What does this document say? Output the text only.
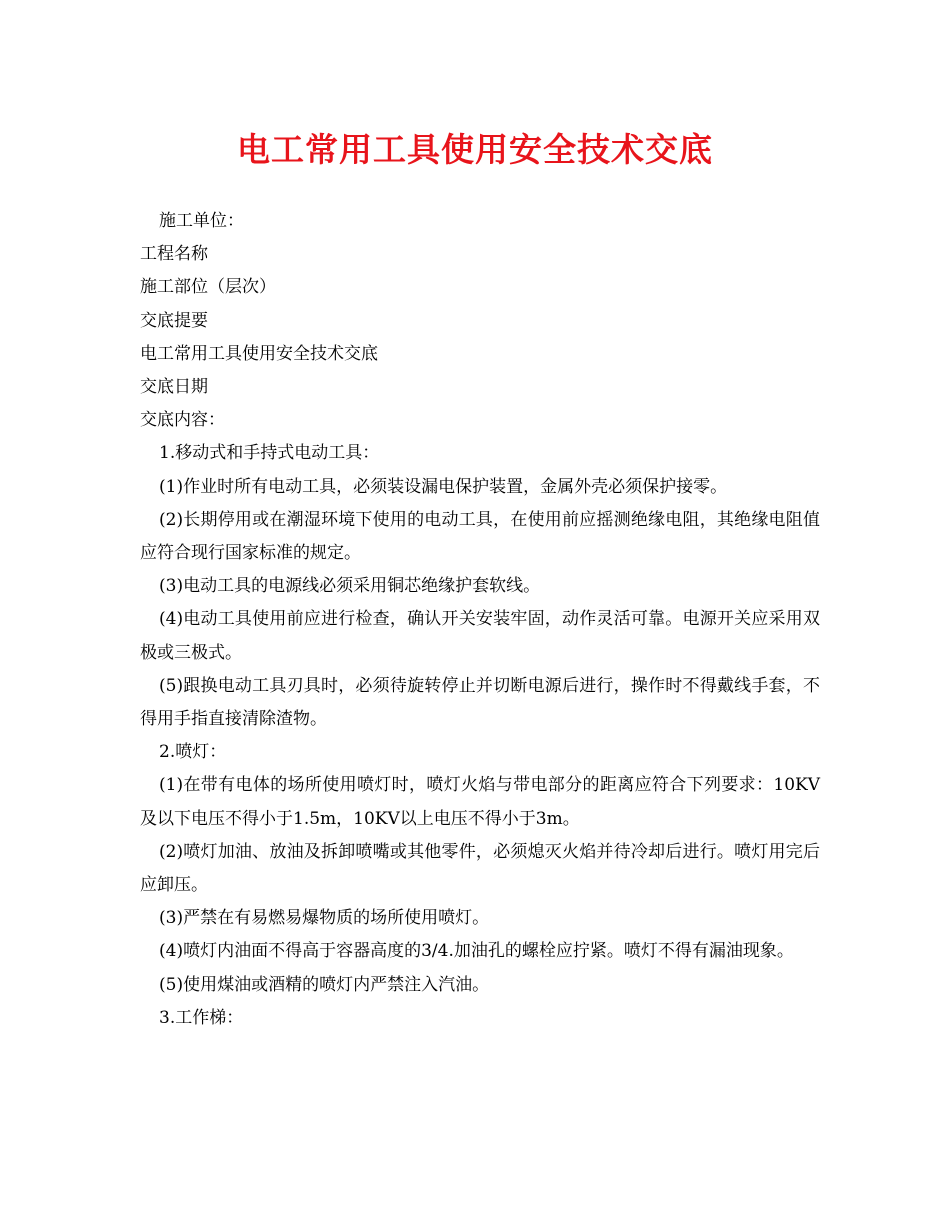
电工常用工具使用安全技术交底

施工单位：

工程名称

施工部位（层次）

交底提要

电工常用工具使用安全技术交底

交底日期

交底内容：

1.移动式和手持式电动工具：

(1)作业时所有电动工具，必须装设漏电保护装置，金属外壳必须保护接零。

(2)长期停用或在潮湿环境下使用的电动工具，在使用前应摇测绝缘电阻，其绝缘电阻值应符合现行国家标准的规定。

(3)电动工具的电源线必须采用铜芯绝缘护套软线。

(4)电动工具使用前应进行检查，确认开关安装牢固，动作灵活可靠。电源开关应采用双极或三极式。

(5)跟换电动工具刃具时，必须待旋转停止并切断电源后进行，操作时不得戴线手套，不得用手指直接清除渣物。

2.喷灯：

(1)在带有电体的场所使用喷灯时，喷灯火焰与带电部分的距离应符合下列要求：10KV及以下电压不得小于1.5m，10KV以上电压不得小于3m。

(2)喷灯加油、放油及拆卸喷嘴或其他零件，必须熄灭火焰并待冷却后进行。喷灯用完后应卸压。

(3)严禁在有易燃易爆物质的场所使用喷灯。

(4)喷灯内油面不得高于容器高度的3/4.加油孔的螺栓应拧紧。喷灯不得有漏油现象。

(5)使用煤油或酒精的喷灯内严禁注入汽油。

3.工作梯：
